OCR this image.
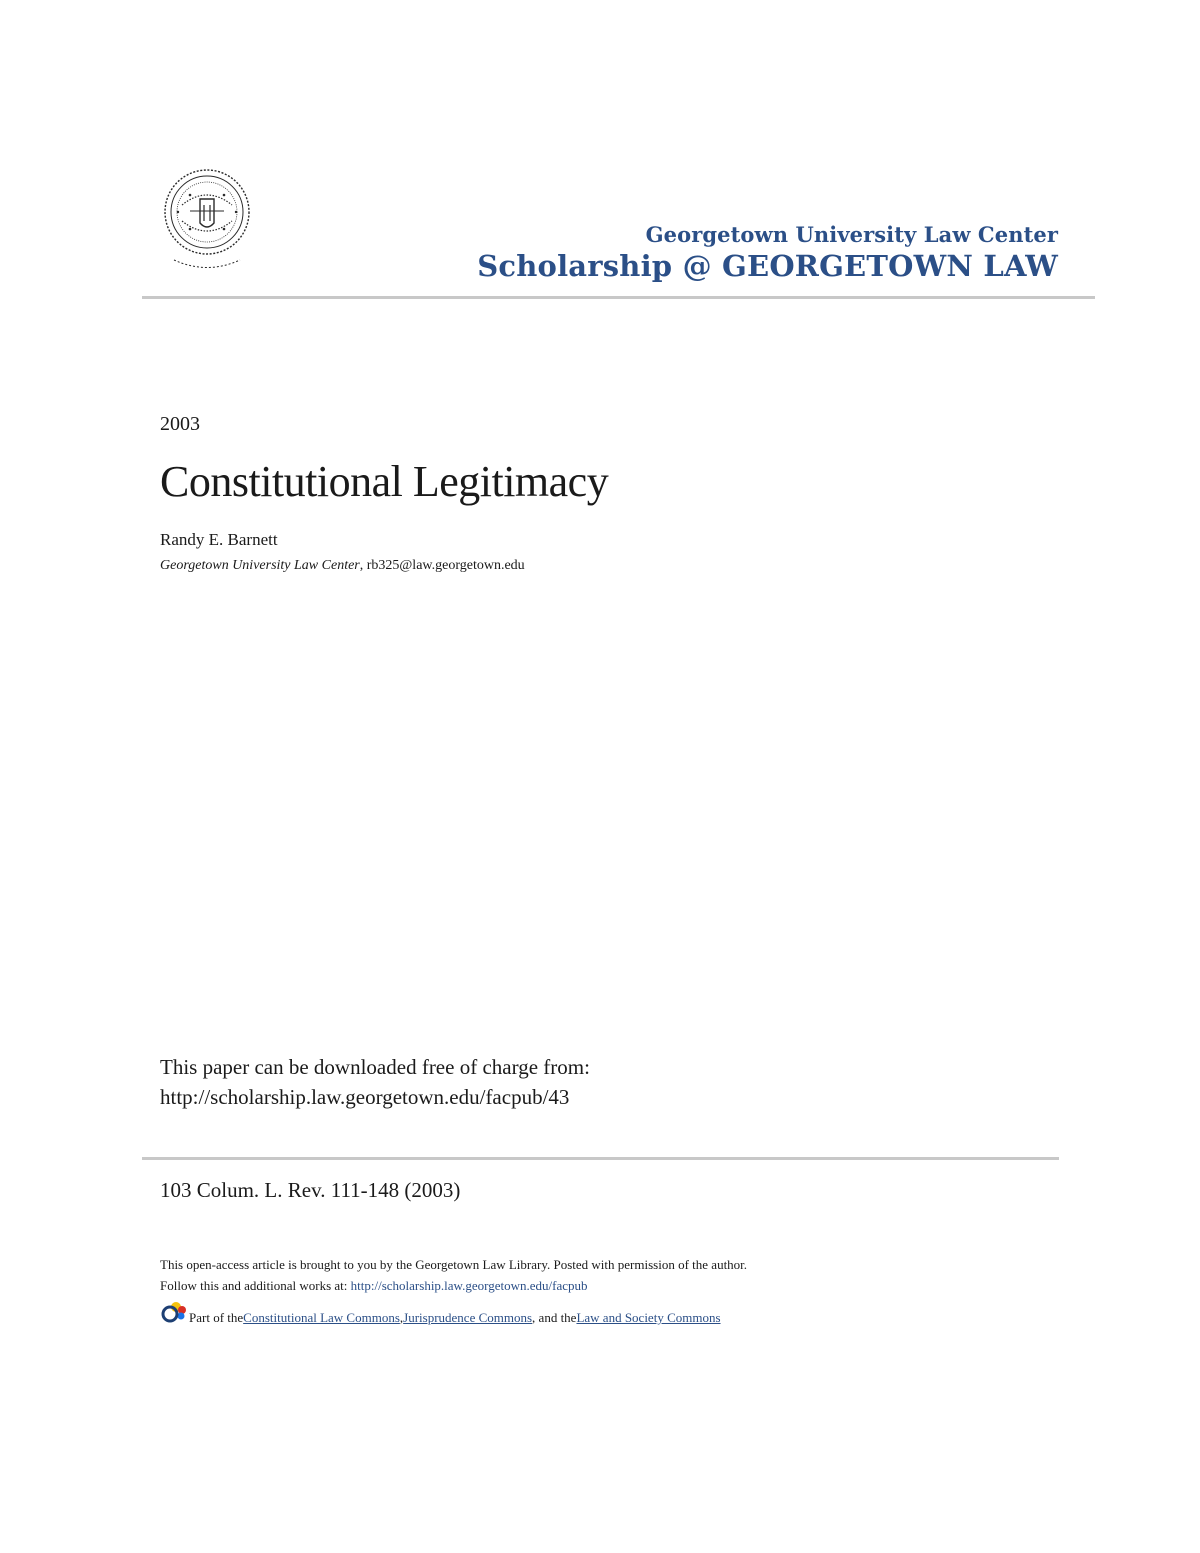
Georgetown University Law Center
Scholarship @ GEORGETOWN LAW
2003
Constitutional Legitimacy
Randy E. Barnett
Georgetown University Law Center, rb325@law.georgetown.edu
This paper can be downloaded free of charge from:
http://scholarship.law.georgetown.edu/facpub/43
103 Colum. L. Rev. 111-148 (2003)
This open-access article is brought to you by the Georgetown Law Library. Posted with permission of the author.
Follow this and additional works at: http://scholarship.law.georgetown.edu/facpub
Part of the Constitutional Law Commons , Jurisprudence Commons , and the Law and Society Commons
